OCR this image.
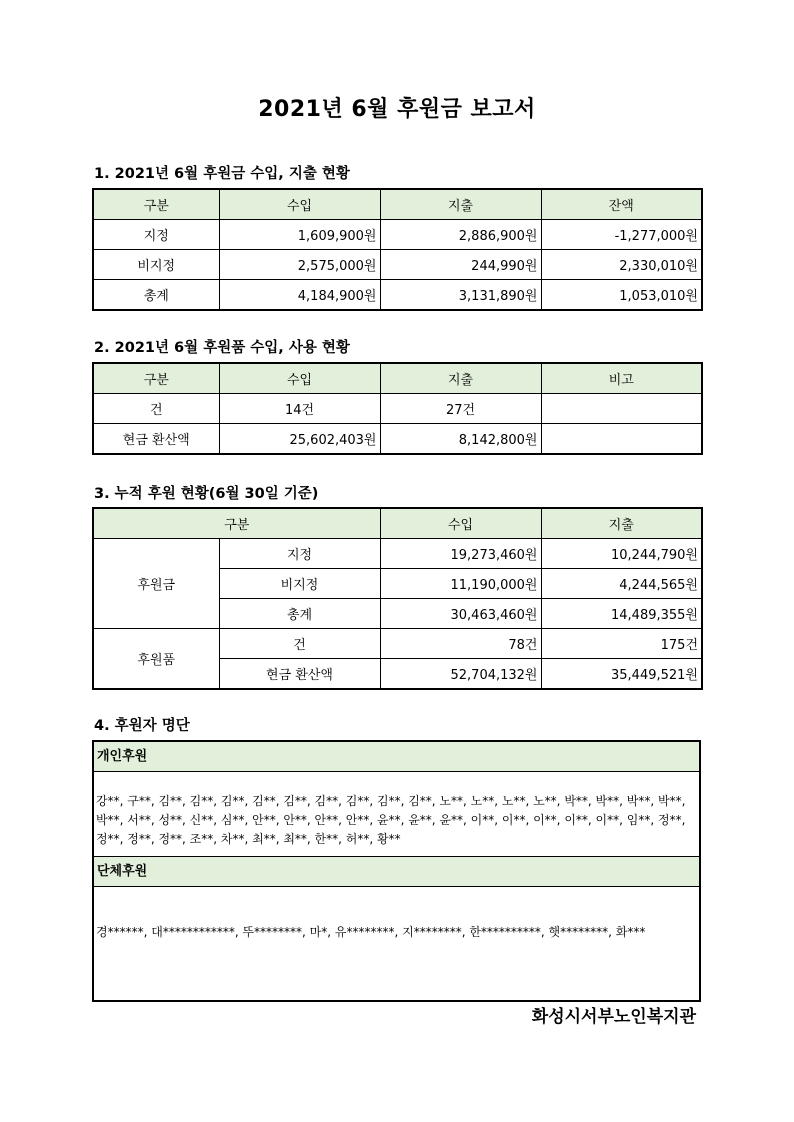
2021년 6월 후원금 보고서
1. 2021년 6월 후원금 수입, 지출 현황
구분	수입	지출	잔액
지정	1,609,900원	2,886,900원	-1,277,000원
비지정	2,575,000원	244,990원	2,330,010원
총계	4,184,900원	3,131,890원	1,053,010원
2. 2021년 6월 후원품 수입, 사용 현황
구분	수입	지출	비고
건	14건	27건	
현금 환산액	25,602,403원	8,142,800원	
3. 누적 후원 현황(6월 30일 기준)
구분		수입	지출
후원금	지정	19,273,460원	10,244,790원
	비지정	11,190,000원	4,244,565원
	총계	30,463,460원	14,489,355원
후원품	건	78건	175건
	현금 환산액	52,704,132원	35,449,521원
4. 후원자 명단
개인후원
강**, 구**, 김**, 김**, 김**, 김**, 김**, 김**, 김**, 김**, 김**, 노**, 노**, 노**, 노**, 박**, 박**, 박**, 박**, 박**, 서**, 성**, 신**, 심**, 안**, 안**, 안**, 안**, 윤**, 윤**, 윤**, 이**, 이**, 이**, 이**, 이**, 임**, 정**, 정**, 정**, 정**, 조**, 차**, 최**, 최**, 한**, 허**, 황**
단체후원
경******, 대************, 뚜********, 마*, 유********, 지********, 한**********, 햇********, 화***
화성시서부노인복지관
